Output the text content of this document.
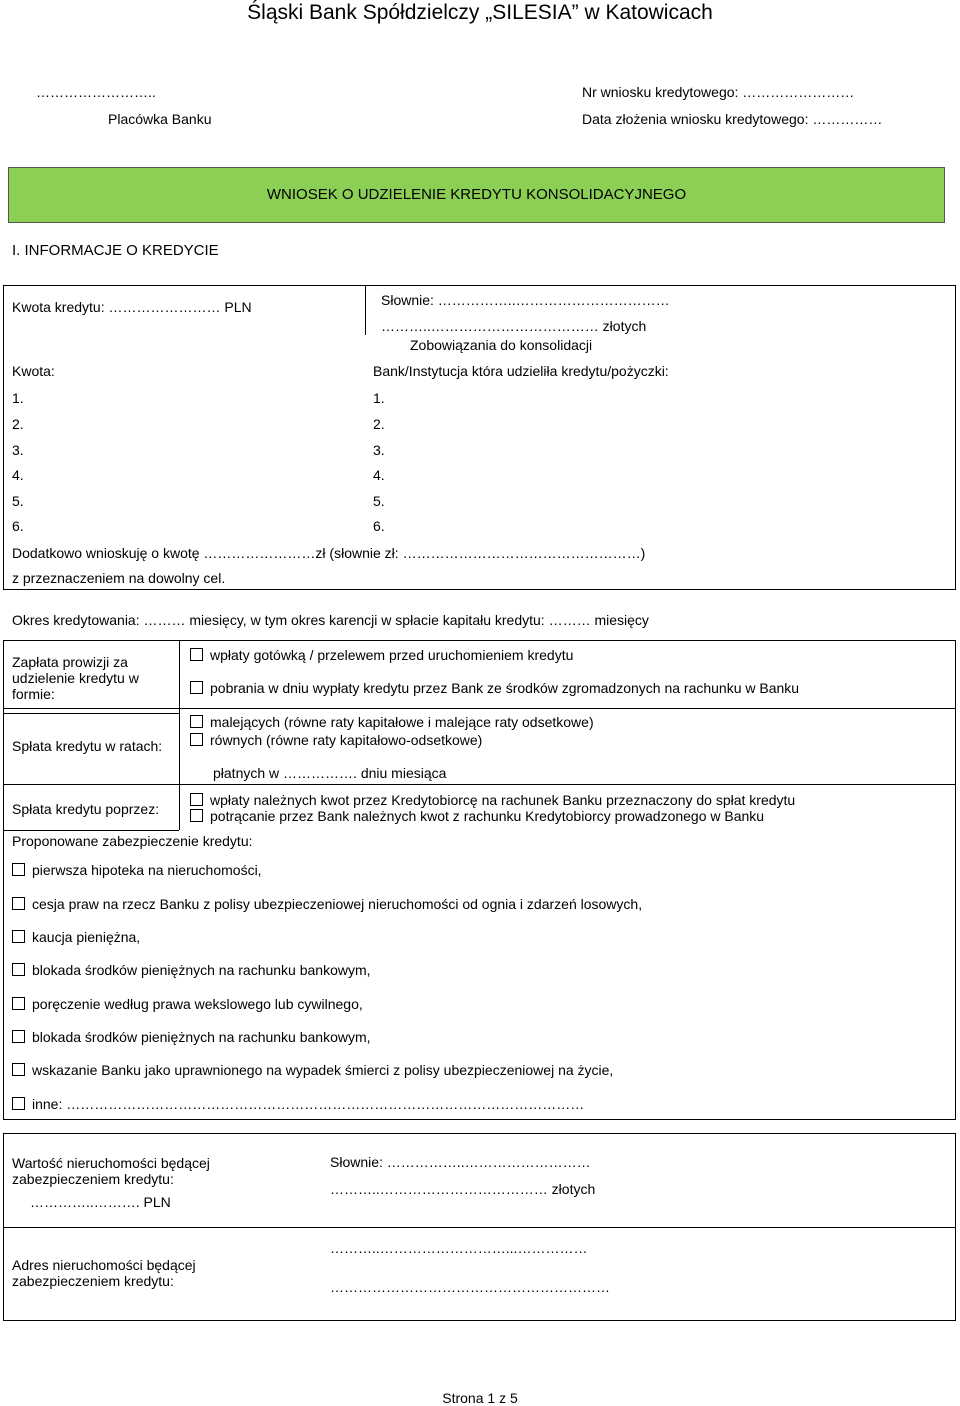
Śląski Bank Spółdzielczy „SILESIA” w Katowicach
……………………..
Placówka Banku
Nr wniosku kredytowego: ……………………
Data złożenia wniosku kredytowego: ……………
WNIOSEK O UDZIELENIE KREDYTU KONSOLIDACYJNEGO
I. INFORMACJE O KREDYCIE
Kwota kredytu: …………………… PLN	Słownie: ……………..……………………………
………..……………………………… złotych
Zobowiązania do konsolidacji
Kwota:	Bank/Instytucja która udzieliła kredytu/pożyczki:
1.	1.
2.	2.
3.	3.
4.	4.
5.	5.
6.	6.
Dodatkowo wnioskuję o kwotę ……………………zł (słownie zł: ……………………………………………)
z przeznaczeniem na dowolny cel.
Okres kredytowania: ……… miesięcy, w tym okres karencji w spłacie kapitału kredytu: ……… miesięcy
Zapłata prowizji za udzielenie kredytu w formie:
wpłaty gotówką / przelewem przed uruchomieniem kredytu
pobrania w dniu wypłaty kredytu przez Bank ze środków zgromadzonych na rachunku w Banku
Spłata kredytu w ratach:
malejących (równe raty kapitałowe i malejące raty odsetkowe)
równych (równe raty kapitałowo-odsetkowe)
płatnych w ……………. dniu miesiąca
Spłata kredytu poprzez:
wpłaty należnych kwot przez Kredytobiorcę na rachunek Banku przeznaczony do spłat kredytu
potrącanie przez Bank należnych kwot z rachunku Kredytobiorcy prowadzonego w Banku
Proponowane zabezpieczenie kredytu:
pierwsza hipoteka na nieruchomości,
cesja praw na rzecz Banku z polisy ubezpieczeniowej nieruchomości od ognia i zdarzeń losowych,
kaucja pieniężna,
blokada środków pieniężnych na rachunku bankowym,
poręczenie według prawa wekslowego lub cywilnego,
blokada środków pieniężnych na rachunku bankowym,
wskazanie Banku jako uprawnionego na wypadek śmierci z polisy ubezpieczeniowej na życie,
inne: …………………………………………………………………………………………………
Wartość nieruchomości będącej zabezpieczeniem kredytu:
…………..………. PLN
Słownie: ……………..………………………
………..……………………………… złotych
Adres nieruchomości będącej zabezpieczeniem kredytu:
………..………………………...……………
……………………………………………………
Strona 1 z 5
